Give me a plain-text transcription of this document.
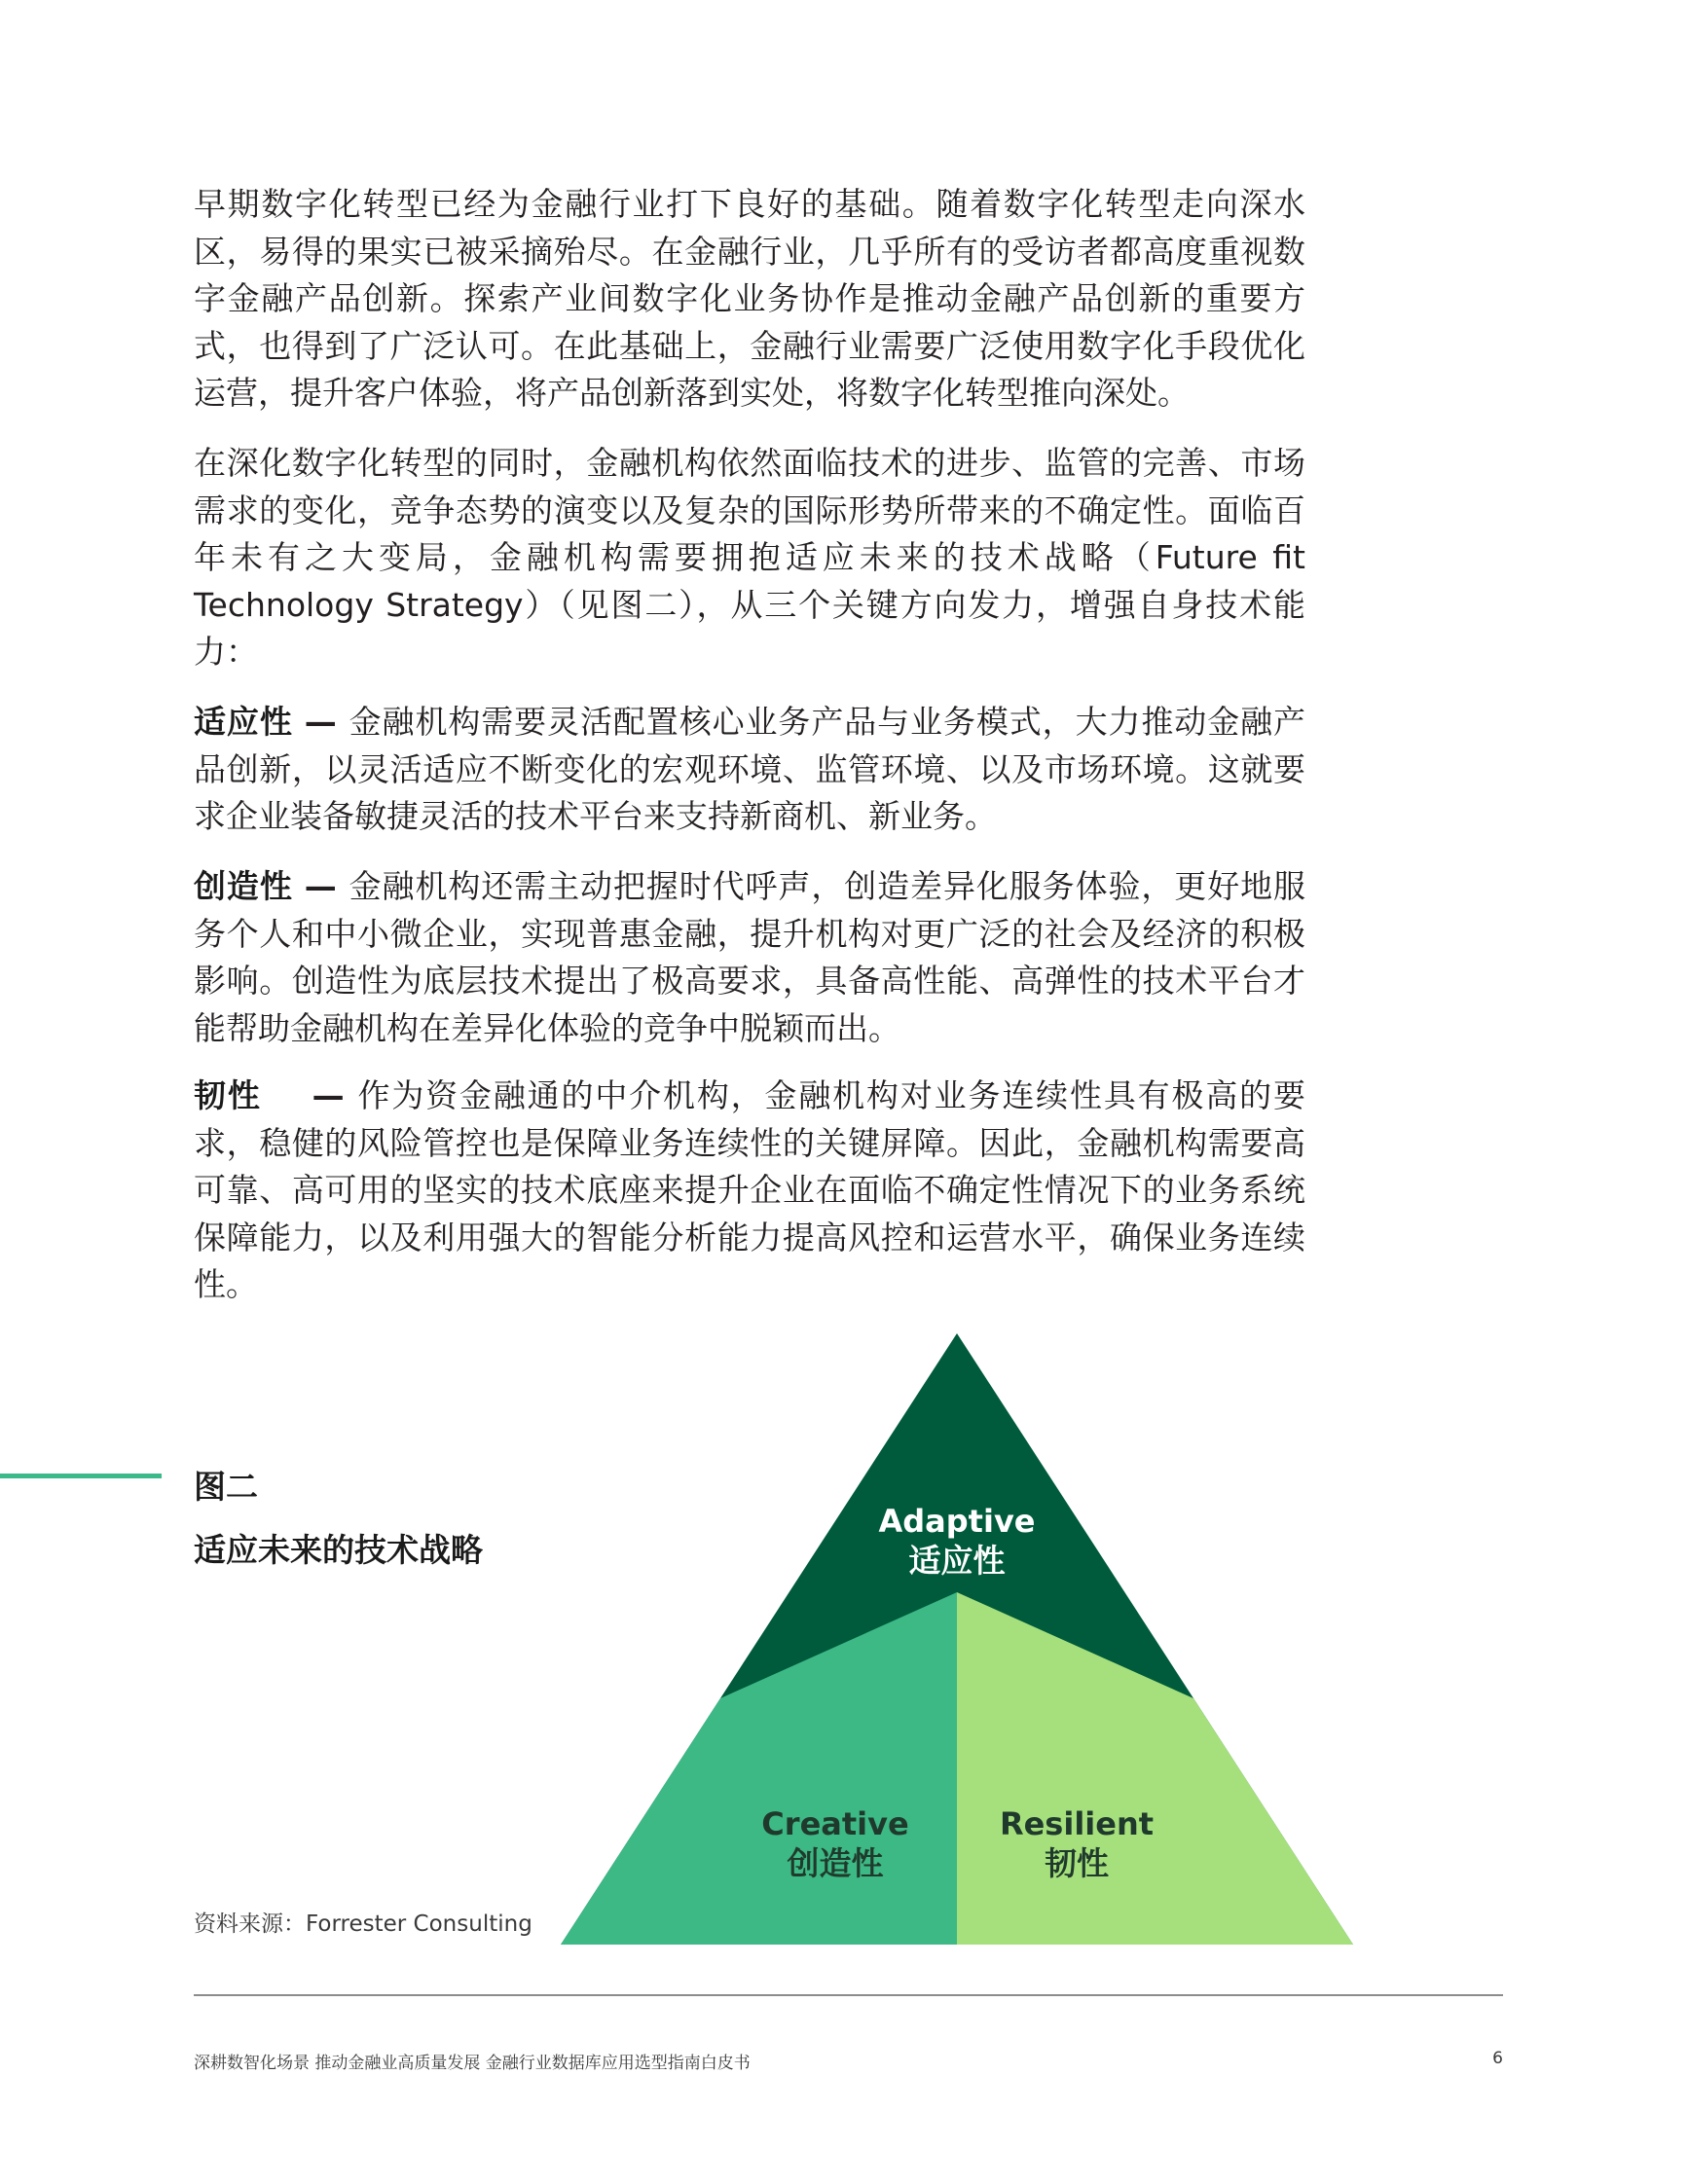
早期数字化转型已经为金融行业打下良好的基础。随着数字化转型走向深水区，易得的果实已被采摘殆尽。在金融行业，几乎所有的受访者都高度重视数字金融产品创新。探索产业间数字化业务协作是推动金融产品创新的重要方式，也得到了广泛认可。在此基础上，金融行业需要广泛使用数字化手段优化运营，提升客户体验，将产品创新落到实处，将数字化转型推向深处。

在深化数字化转型的同时，金融机构依然面临技术的进步、监管的完善、市场需求的变化，竞争态势的演变以及复杂的国际形势所带来的不确定性。面临百年未有之大变局，金融机构需要拥抱适应未来的技术战略（Future fit Technology Strategy）（见图二），从三个关键方向发力，增强自身技术能力：

适应性 — 金融机构需要灵活配置核心业务产品与业务模式，大力推动金融产品创新，以灵活适应不断变化的宏观环境、监管环境、以及市场环境。这就要求企业装备敏捷灵活的技术平台来支持新商机、新业务。

创造性 — 金融机构还需主动把握时代呼声，创造差异化服务体验，更好地服务个人和中小微企业，实现普惠金融，提升机构对更广泛的社会及经济的积极影响。创造性为底层技术提出了极高要求，具备高性能、高弹性的技术平台才能帮助金融机构在差异化体验的竞争中脱颖而出。

韧性 — 作为资金融通的中介机构，金融机构对业务连续性具有极高的要求，稳健的风险管控也是保障业务连续性的关键屏障。因此，金融机构需要高可靠、高可用的坚实的技术底座来提升企业在面临不确定性情况下的业务系统保障能力，以及利用强大的智能分析能力提高风控和运营水平，确保业务连续性。

图二
适应未来的技术战略
资料来源：Forrester Consulting
Adaptive
适应性
Creative
创造性
Resilient
韧性
深耕数智化场景 推动金融业高质量发展 金融行业数据库应用选型指南白皮书	6
